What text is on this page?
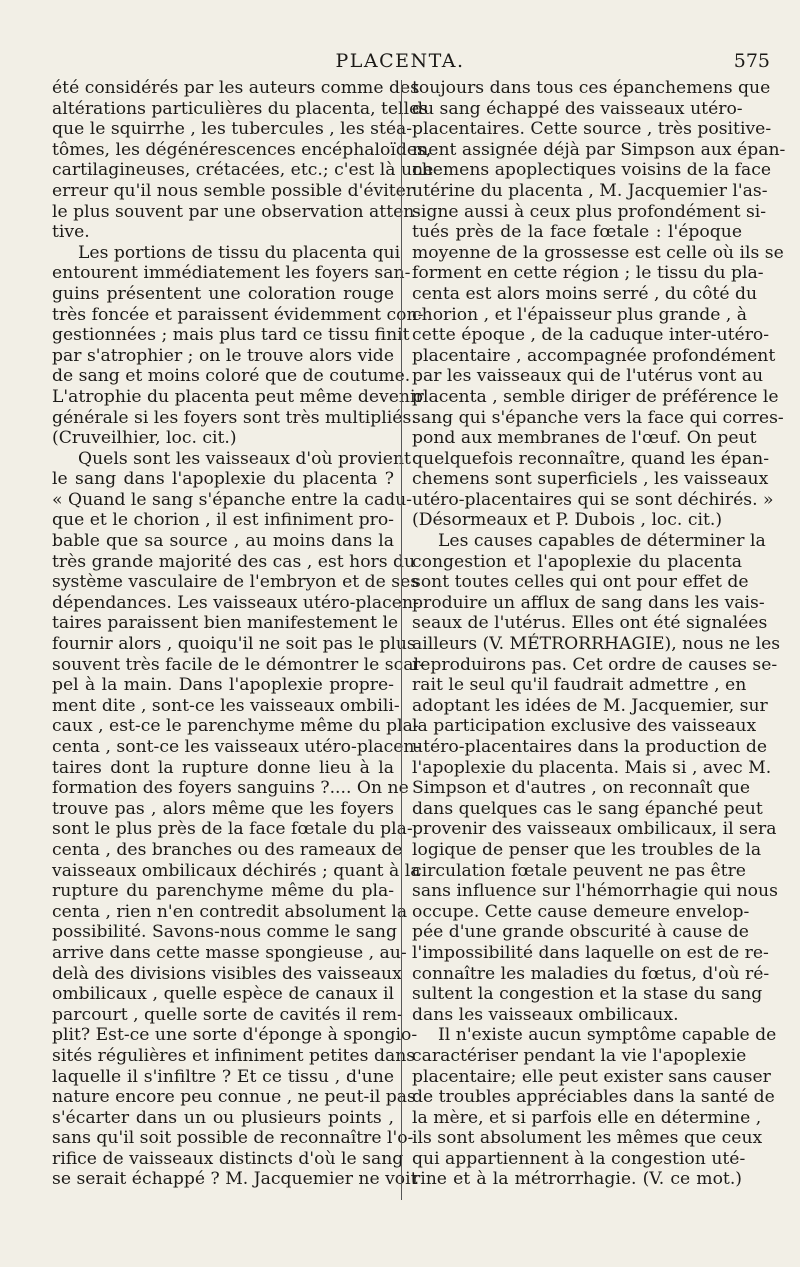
PLACENTA.	575
été considérés par les auteurs comme des
altérations particulières du placenta, telles
que le squirrhe , les tubercules , les stéa-
tômes, les dégénérescences encéphaloïdes,
cartilagineuses, crétacées, etc.; c'est là une
erreur qu'il nous semble possible d'éviter
le plus souvent par une observation atten-
tive.
Les portions de tissu du placenta qui
entourent immédiatement les foyers san-
guins présentent une coloration rouge
très foncée et paraissent évidemment con-
gestionnées ; mais plus tard ce tissu finit
par s'atrophier ; on le trouve alors vide
de sang et moins coloré que de coutume.
L'atrophie du placenta peut même devenir
générale si les foyers sont très multipliés.
(Cruveilhier, loc. cit.)
Quels sont les vaisseaux d'où provient
le sang dans l'apoplexie du placenta ?
« Quand le sang s'épanche entre la cadu-
que et le chorion , il est infiniment pro-
bable que sa source , au moins dans la
très grande majorité des cas , est hors du
système vasculaire de l'embryon et de ses
dépendances. Les vaisseaux utéro-placen-
taires paraissent bien manifestement le
fournir alors , quoiqu'il ne soit pas le plus
souvent très facile de le démontrer le scal-
pel à la main. Dans l'apoplexie propre-
ment dite , sont-ce les vaisseaux ombili-
caux , est-ce le parenchyme même du pla-
centa , sont-ce les vaisseaux utéro-placen-
taires dont la rupture donne lieu à la
formation des foyers sanguins ?.... On ne
trouve pas , alors même que les foyers
sont le plus près de la face fœtale du pla-
centa , des branches ou des rameaux de
vaisseaux ombilicaux déchirés ; quant à la
rupture du parenchyme même du pla-
centa , rien n'en contredit absolument la
possibilité. Savons-nous comme le sang
arrive dans cette masse spongieuse , au-
delà des divisions visibles des vaisseaux
ombilicaux , quelle espèce de canaux il
parcourt , quelle sorte de cavités il rem-
plit? Est-ce une sorte d'éponge à spongio-
sités régulières et infiniment petites dans
laquelle il s'infiltre ? Et ce tissu , d'une
nature encore peu connue , ne peut-il pas
s'écarter dans un ou plusieurs points ,
sans qu'il soit possible de reconnaître l'o-
rifice de vaisseaux distincts d'où le sang
se serait échappé ? M. Jacquemier ne voit
toujours dans tous ces épanchemens que
du sang échappé des vaisseaux utéro-
placentaires. Cette source , très positive-
ment assignée déjà par Simpson aux épan-
chemens apoplectiques voisins de la face
utérine du placenta , M. Jacquemier l'as-
signe aussi à ceux plus profondément si-
tués près de la face fœtale : l'époque
moyenne de la grossesse est celle où ils se
forment en cette région ; le tissu du pla-
centa est alors moins serré , du côté du
chorion , et l'épaisseur plus grande , à
cette époque , de la caduque inter-utéro-
placentaire , accompagnée profondément
par les vaisseaux qui de l'utérus vont au
placenta , semble diriger de préférence le
sang qui s'épanche vers la face qui corres-
pond aux membranes de l'œuf. On peut
quelquefois reconnaître, quand les épan-
chemens sont superficiels , les vaisseaux
utéro-placentaires qui se sont déchirés. »
(Désormeaux et P. Dubois , loc. cit.)
Les causes capables de déterminer la
congestion et l'apoplexie du placenta
sont toutes celles qui ont pour effet de
produire un afflux de sang dans les vais-
seaux de l'utérus. Elles ont été signalées
ailleurs (V. MÉTRORRHAGIE), nous ne les
reproduirons pas. Cet ordre de causes se-
rait le seul qu'il faudrait admettre , en
adoptant les idées de M. Jacquemier, sur
la participation exclusive des vaisseaux
utéro-placentaires dans la production de
l'apoplexie du placenta. Mais si , avec M.
Simpson et d'autres , on reconnaît que
dans quelques cas le sang épanché peut
provenir des vaisseaux ombilicaux, il sera
logique de penser que les troubles de la
circulation fœtale peuvent ne pas être
sans influence sur l'hémorrhagie qui nous
occupe. Cette cause demeure envelop-
pée d'une grande obscurité à cause de
l'impossibilité dans laquelle on est de re-
connaître les maladies du fœtus, d'où ré-
sultent la congestion et la stase du sang
dans les vaisseaux ombilicaux.
Il n'existe aucun symptôme capable de
caractériser pendant la vie l'apoplexie
placentaire; elle peut exister sans causer
de troubles appréciables dans la santé de
la mère, et si parfois elle en détermine ,
ils sont absolument les mêmes que ceux
qui appartiennent à la congestion uté-
rine et à la métrorrhagie. (V. ce mot.)
